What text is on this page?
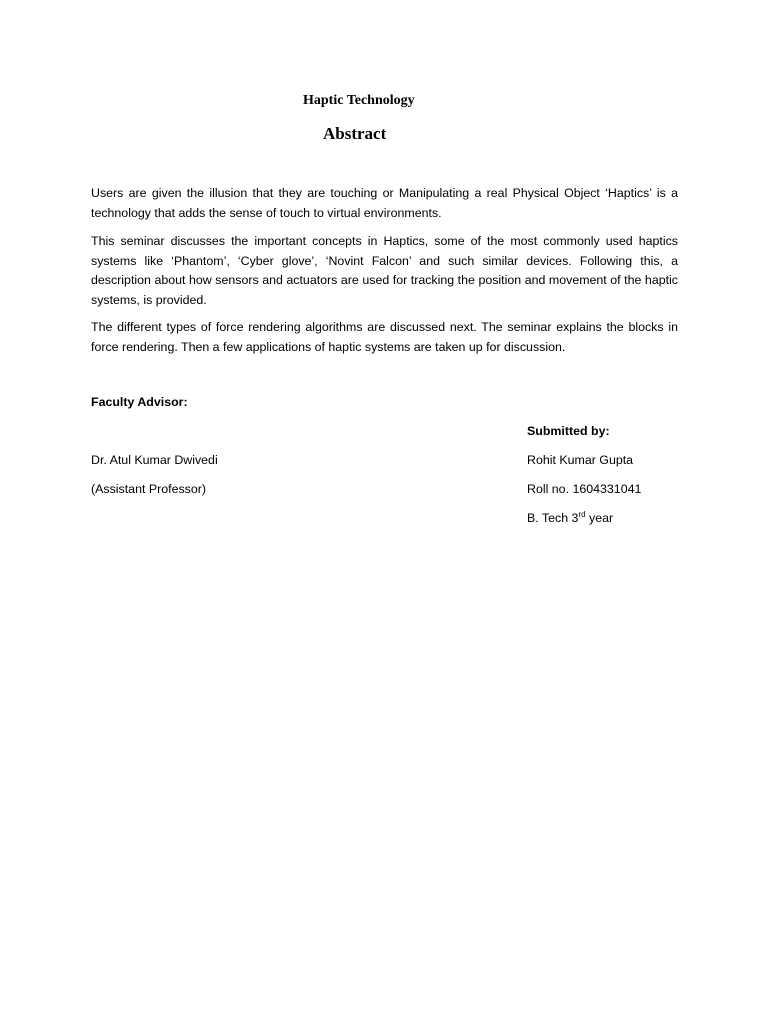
Haptic Technology
Abstract

Users are given the illusion that they are touching or Manipulating a real Physical Object ‘Haptics’ is a technology that adds the sense of touch to virtual environments.

This seminar discusses the important concepts in Haptics, some of the most commonly used haptics systems like ‘Phantom’, ‘Cyber glove’, ‘Novint Falcon’ and such similar devices. Following this, a description about how sensors and actuators are used for tracking the position and movement of the haptic systems, is provided.

The different types of force rendering algorithms are discussed next. The seminar explains the blocks in force rendering. Then a few applications of haptic systems are taken up for discussion.

Faculty Advisor:
Submitted by:
Dr. Atul Kumar Dwivedi	Rohit Kumar Gupta
(Assistant Professor)	Roll no. 1604331041
B. Tech 3rd year
